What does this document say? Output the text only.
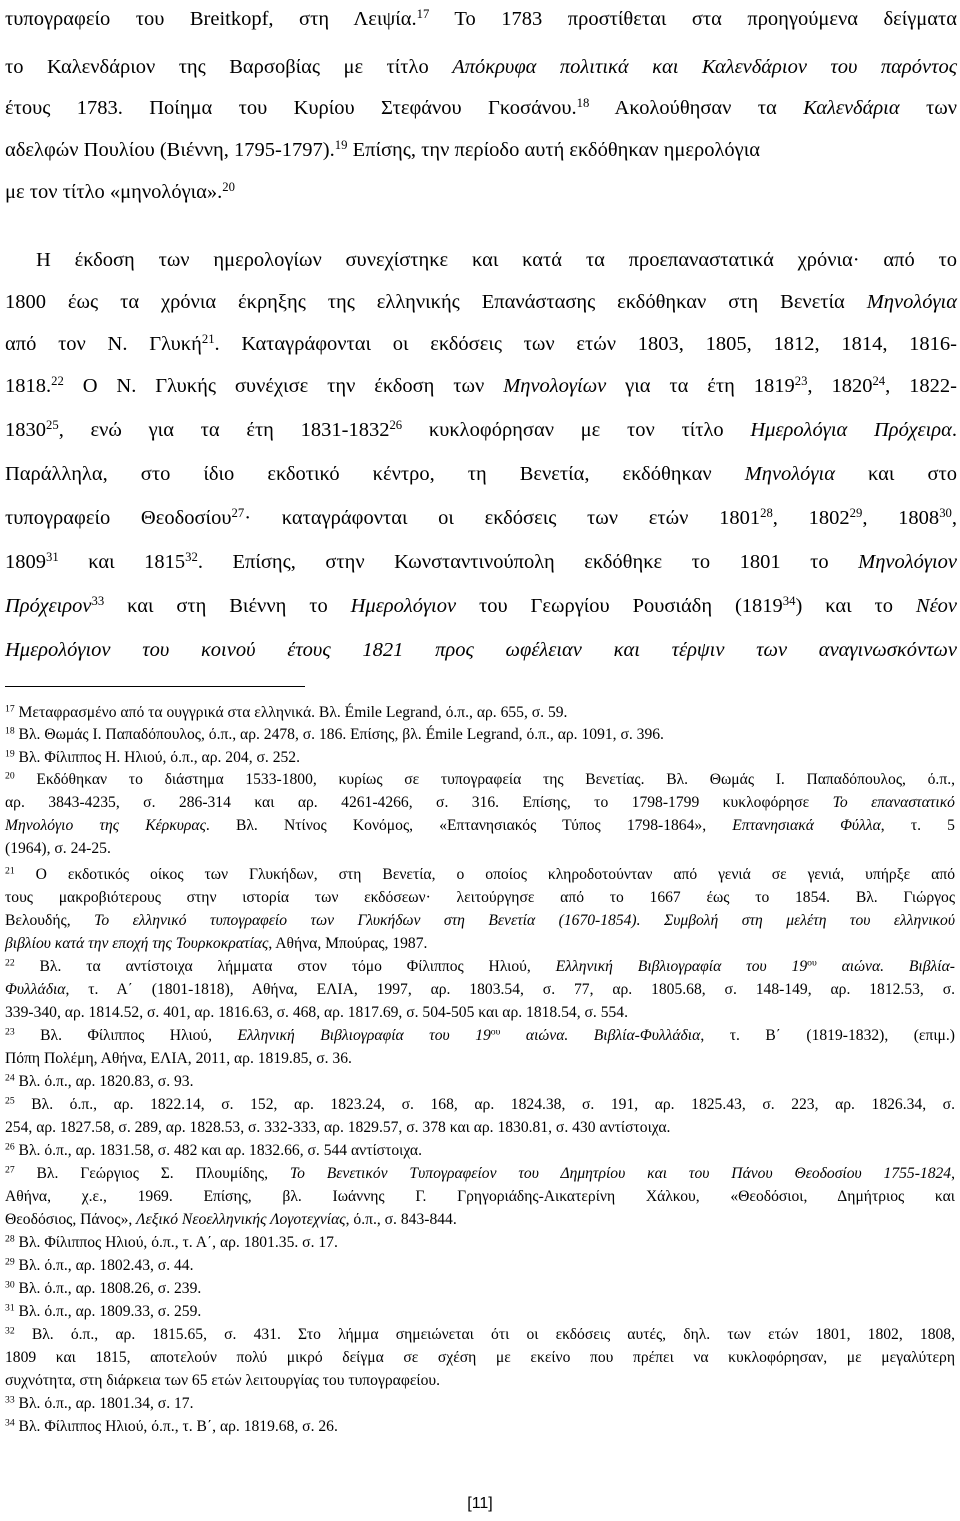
τυπογραφείο του Breitkopf, στη Λειψία.$^{17}$ Το 1783 προστίθεται στα προηγούμενα δείγματα
το Καλενδάριον της Βαρσοβίας με τίτλο Απόκρυφα πολιτικά και Καλενδάριον του παρόντος
έτους 1783. Ποίημα του Κυρίου Στεφάνου Γκοσάνου.$^{18}$ Ακολούθησαν τα Καλενδάρια των
αδελφών Πουλίου (Βιέννη, 1795-1797).$^{19}$ Επίσης, την περίοδο αυτή εκδόθηκαν ημερολόγια
με τον τίτλο «μηνολόγια».$^{20}$
Η έκδοση των ημερολογίων συνεχίστηκε και κατά τα προεπαναστατικά χρόνια· από το
1800 έως τα χρόνια έκρηξης της ελληνικής Επανάστασης εκδόθηκαν στη Βενετία Μηνολόγια
από τον Ν. Γλυκή$^{21}$. Καταγράφονται οι εκδόσεις των ετών 1803, 1805, 1812, 1814, 1816-
1818.22 Ο Ν. Γλυκής συνέχισε την έκδοση των Μηνολογίων για τα έτη 1819$^{23}$, 1820$^{24}$, 1822-
1830$^{25}$, ενώ για τα έτη 1831-1832$^{26}$ κυκλοφόρησαν με τον τίτλο Ημερολόγια Πρόχειρα.
Παράλληλα, στο ίδιο εκδοτικό κέντρο, τη Βενετία, εκδόθηκαν Μηνολόγια και στο
τυπογραφείο Θεοδοσίου$^{27}$· καταγράφονται οι εκδόσεις των ετών 1801$^{28}$, 1802$^{29}$, 1808$^{30}$,
1809$^{31}$ και 1815$^{32}$. Επίσης, στην Κωνσταντινούπολη εκδόθηκε το 1801 το Μηνολόγιον
Πρόχειρον$^{33}$ και στη Βιέννη το Ημερολόγιον του Γεωργίου Ρουσιάδη (1819$^{34}$) και το Νέον
Ημερολόγιον του κοινού έτους 1821 προς ωφέλειαν και τέρψιν των αναγινωσκόντων
$^{17}$ Μεταφρασμένο από τα ουγγρικά στα ελληνικά. Βλ. Émile Legrand, ό.π., αρ. 655, σ. 59.
$^{18}$ Βλ. Θωμάς Ι. Παπαδόπουλος, ό.π., αρ. 2478, σ. 186. Επίσης, βλ. Émile Legrand, ό.π., αρ. 1091, σ. 396.
$^{19}$ Βλ. Φίλιππος Η. Ηλιού, ό.π., αρ. 204, σ. 252.
$^{20}$ Εκδόθηκαν το διάστημα 1533-1800, κυρίως σε τυπογραφεία της Βενετίας. Βλ. Θωμάς Ι. Παπαδόπουλος, ό.π.,
αρ. 3843-4235, σ. 286-314 και αρ. 4261-4266, σ. 316. Επίσης, το 1798-1799 κυκλοφόρησε Το επαναστατικό
Μηνολόγιο της Κέρκυρας. Βλ. Ντίνος Κονόμος, «Επτανησιακός Τύπος 1798-1864», Επτανησιακά Φύλλα, τ. 5
(1964), σ. 24-25.
$^{21}$ Ο εκδοτικός οίκος των Γλυκήδων, στη Βενετία, ο οποίος κληροδοτούνταν από γενιά σε γενιά, υπήρξε από
τους μακροβιότερους στην ιστορία των εκδόσεων· λειτούργησε από το 1667 έως το 1854. Βλ. Γιώργος
Βελουδής, Το ελληνικό τυπογραφείο των Γλυκήδων στη Βενετία (1670-1854). Συμβολή στη μελέτη του ελληνικού
βιβλίου κατά την εποχή της Τουρκοκρατίας, Αθήνα, Μπούρας, 1987.
$^{22}$ Βλ. τα αντίστοιχα λήμματα στον τόμο Φίλιππος Ηλιού, Ελληνική Βιβλιογραφία του $19^{o\upsilon}$ αιώνα. Βιβλία-
Φυλλάδια, τ. Α΄ (1801-1818), Αθήνα, ΕΛΙΑ, 1997, αρ. 1803.54, σ. 77, αρ. 1805.68, σ. 148-149, αρ. 1812.53, σ.
339-340, αρ. 1814.52, σ. 401, αρ. 1816.63, σ. 468, αρ. 1817.69, σ. 504-505 και αρ. 1818.54, σ. 554.
$^{23}$ Βλ. Φίλιππος Ηλιού, Ελληνική Βιβλιογραφία του $19^{o\upsilon}$ αιώνα. Βιβλία-Φυλλάδια, τ. Β΄ (1819-1832), (επιμ.)
Πόπη Πολέμη, Αθήνα, ΕΛΙΑ, 2011, αρ. 1819.85, σ. 36.
$^{24}$ Βλ. ό.π., αρ. 1820.83, σ. 93.
$^{25}$ Βλ. ό.π., αρ. 1822.14, σ. 152, αρ. 1823.24, σ. 168, αρ. 1824.38, σ. 191, αρ. 1825.43, σ. 223, αρ. 1826.34, σ.
254, αρ. 1827.58, σ. 289, αρ. 1828.53, σ. 332-333, αρ. 1829.57, σ. 378 και αρ. 1830.81, σ. 430 αντίστοιχα.
$^{26}$ Βλ. ό.π., αρ. 1831.58, σ. 482 και αρ. 1832.66, σ. 544 αντίστοιχα.
$^{27}$ Βλ. Γεώργιος Σ. Πλουμίδης, Το Βενετικόν Τυπογραφείον του Δημητρίου και του Πάνου Θεοδοσίου 1755-1824,
Αθήνα, χ.ε., 1969. Επίσης, βλ. Ιωάννης Γ. Γρηγοριάδης-Αικατερίνη Χάλκου, «Θεοδόσιοι, Δημήτριος και
Θεοδόσιος, Πάνος», Λεξικό Νεοελληνικής Λογοτεχνίας, ό.π., σ. 843-844.
$^{28}$ Βλ. Φίλιππος Ηλιού, ό.π., τ. Α΄, αρ. 1801.35. σ. 17.
$^{29}$ Βλ. ό.π., αρ. 1802.43, σ. 44.
$^{30}$ Βλ. ό.π., αρ. 1808.26, σ. 239.
$^{31}$ Βλ. ό.π., αρ. 1809.33, σ. 259.
$^{32}$ Βλ. ό.π., αρ. 1815.65, σ. 431. Στο λήμμα σημειώνεται ότι οι εκδόσεις αυτές, δηλ. των ετών 1801, 1802, 1808,
1809 και 1815, αποτελούν πολύ μικρό δείγμα σε σχέση με εκείνο που πρέπει να κυκλοφόρησαν, με μεγαλύτερη
συχνότητα, στη διάρκεια των 65 ετών λειτουργίας του τυπογραφείου.
$^{33}$ Βλ. ό.π., αρ. 1801.34, σ. 17.
$^{34}$ Βλ. Φίλιππος Ηλιού, ό.π., τ. Β΄, αρ. 1819.68, σ. 26.
[11]
